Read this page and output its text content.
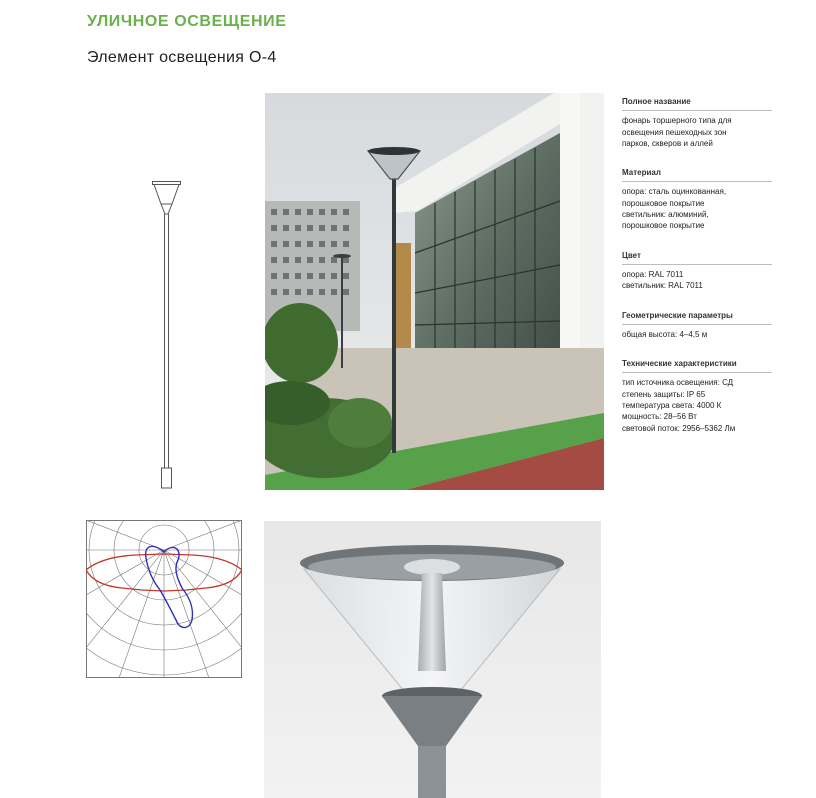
УЛИЧНОЕ ОСВЕЩЕНИЕ
Элемент освещения О-4
Полное название
фонарь торшерного типа для
освещения пешеходных зон
парков, скверов и аллей
Материал
опора: сталь оцинкованная,
порошковое покрытие
светильник: алюминий,
порошковое покрытие
Цвет
опора: RAL 7011
светильник: RAL 7011
Геометрические параметры
общая высота: 4–4,5 м
Технические характеристики
тип источника освещения: СД
степень защиты: IP 65
температура света: 4000 К
мощность: 28–56 Вт
световой поток: 2956–5362 Лм
